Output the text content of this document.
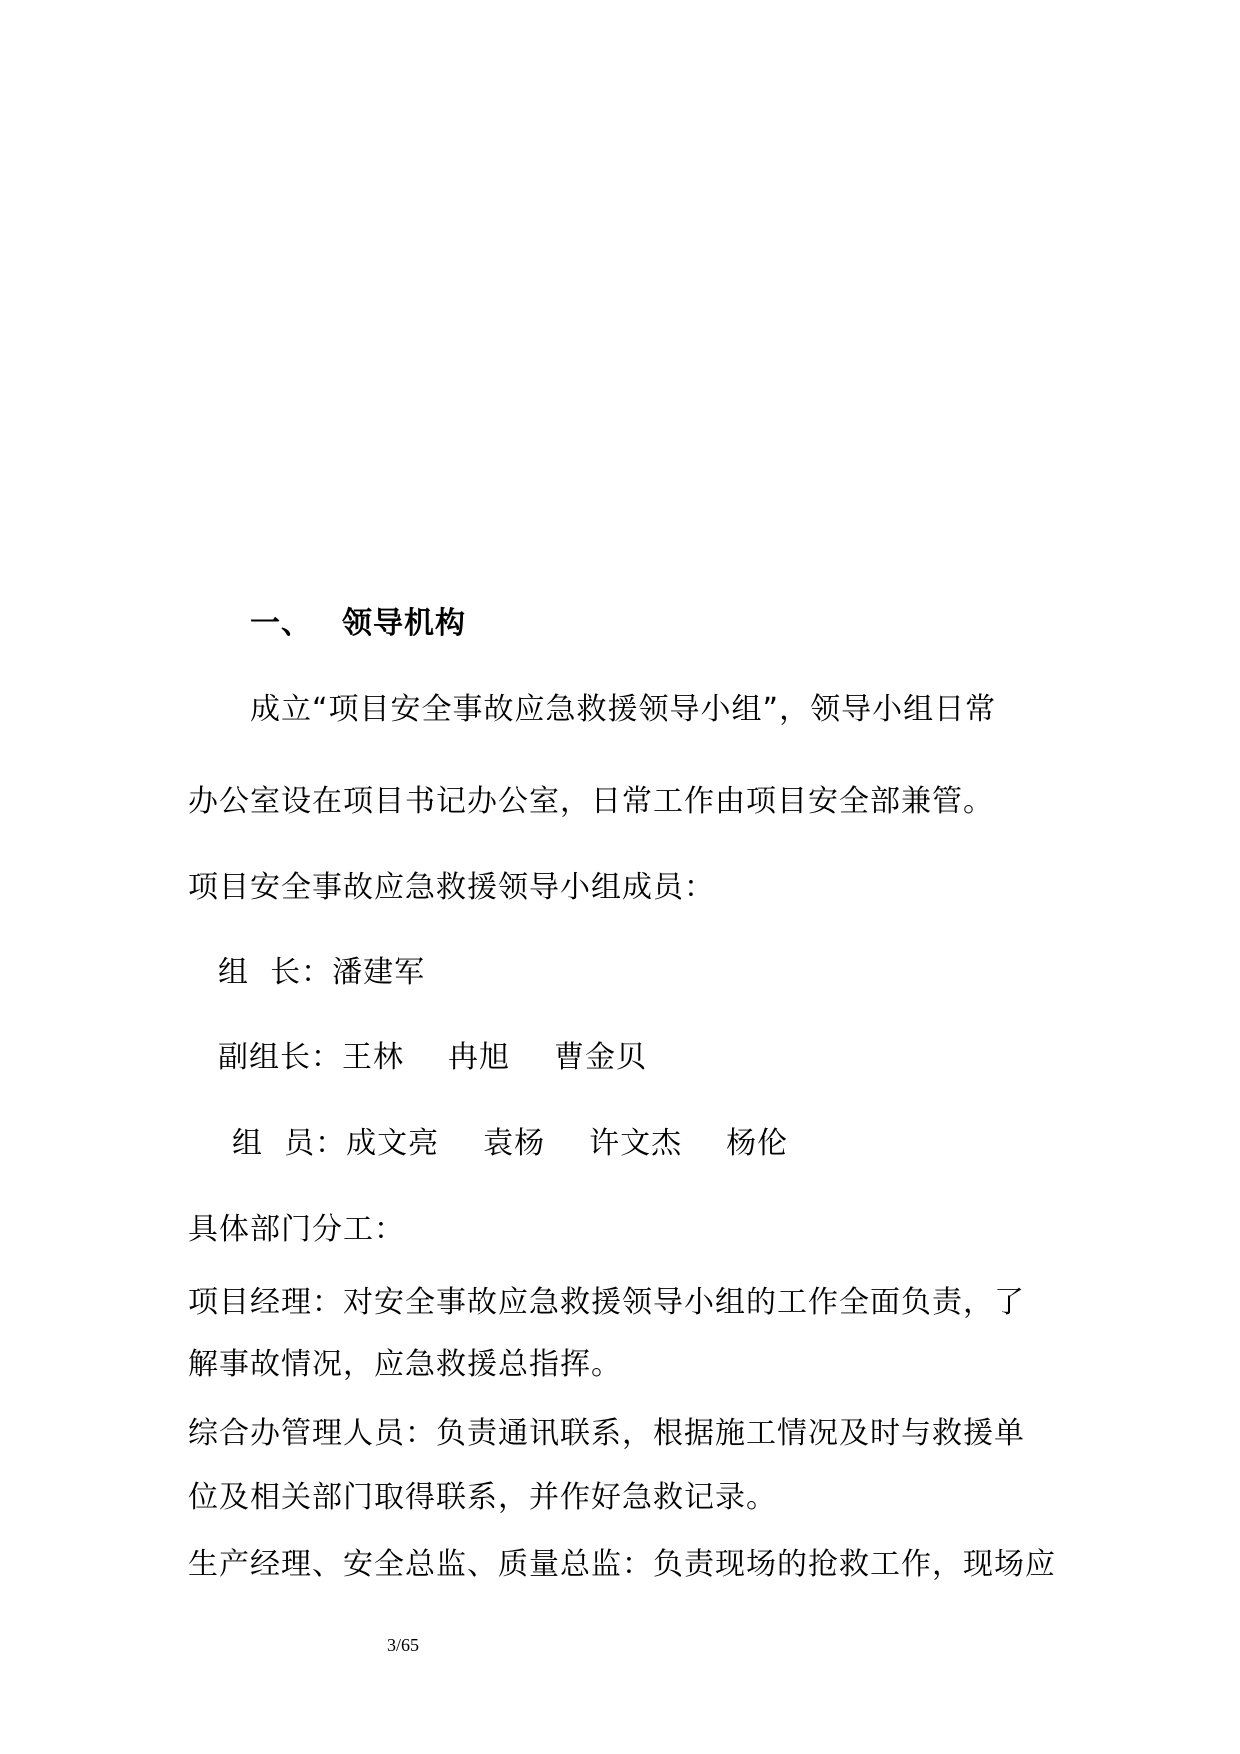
一、 领导机构
成立“项目安全事故应急救援领导小组”，领导小组日常
办公室设在项目书记办公室，日常工作由项目安全部兼管。
项目安全事故应急救援领导小组成员：
组  长：潘建军
副组长：王林 冉旭 曹金贝
组  员：成文亮 袁杨 许文杰 杨伦
具体部门分工：
项目经理：对安全事故应急救援领导小组的工作全面负责，了
解事故情况，应急救援总指挥。
综合办管理人员：负责通讯联系，根据施工情况及时与救援单
位及相关部门取得联系，并作好急救记录。
生产经理、安全总监、质量总监：负责现场的抢救工作，现场应
3/65
